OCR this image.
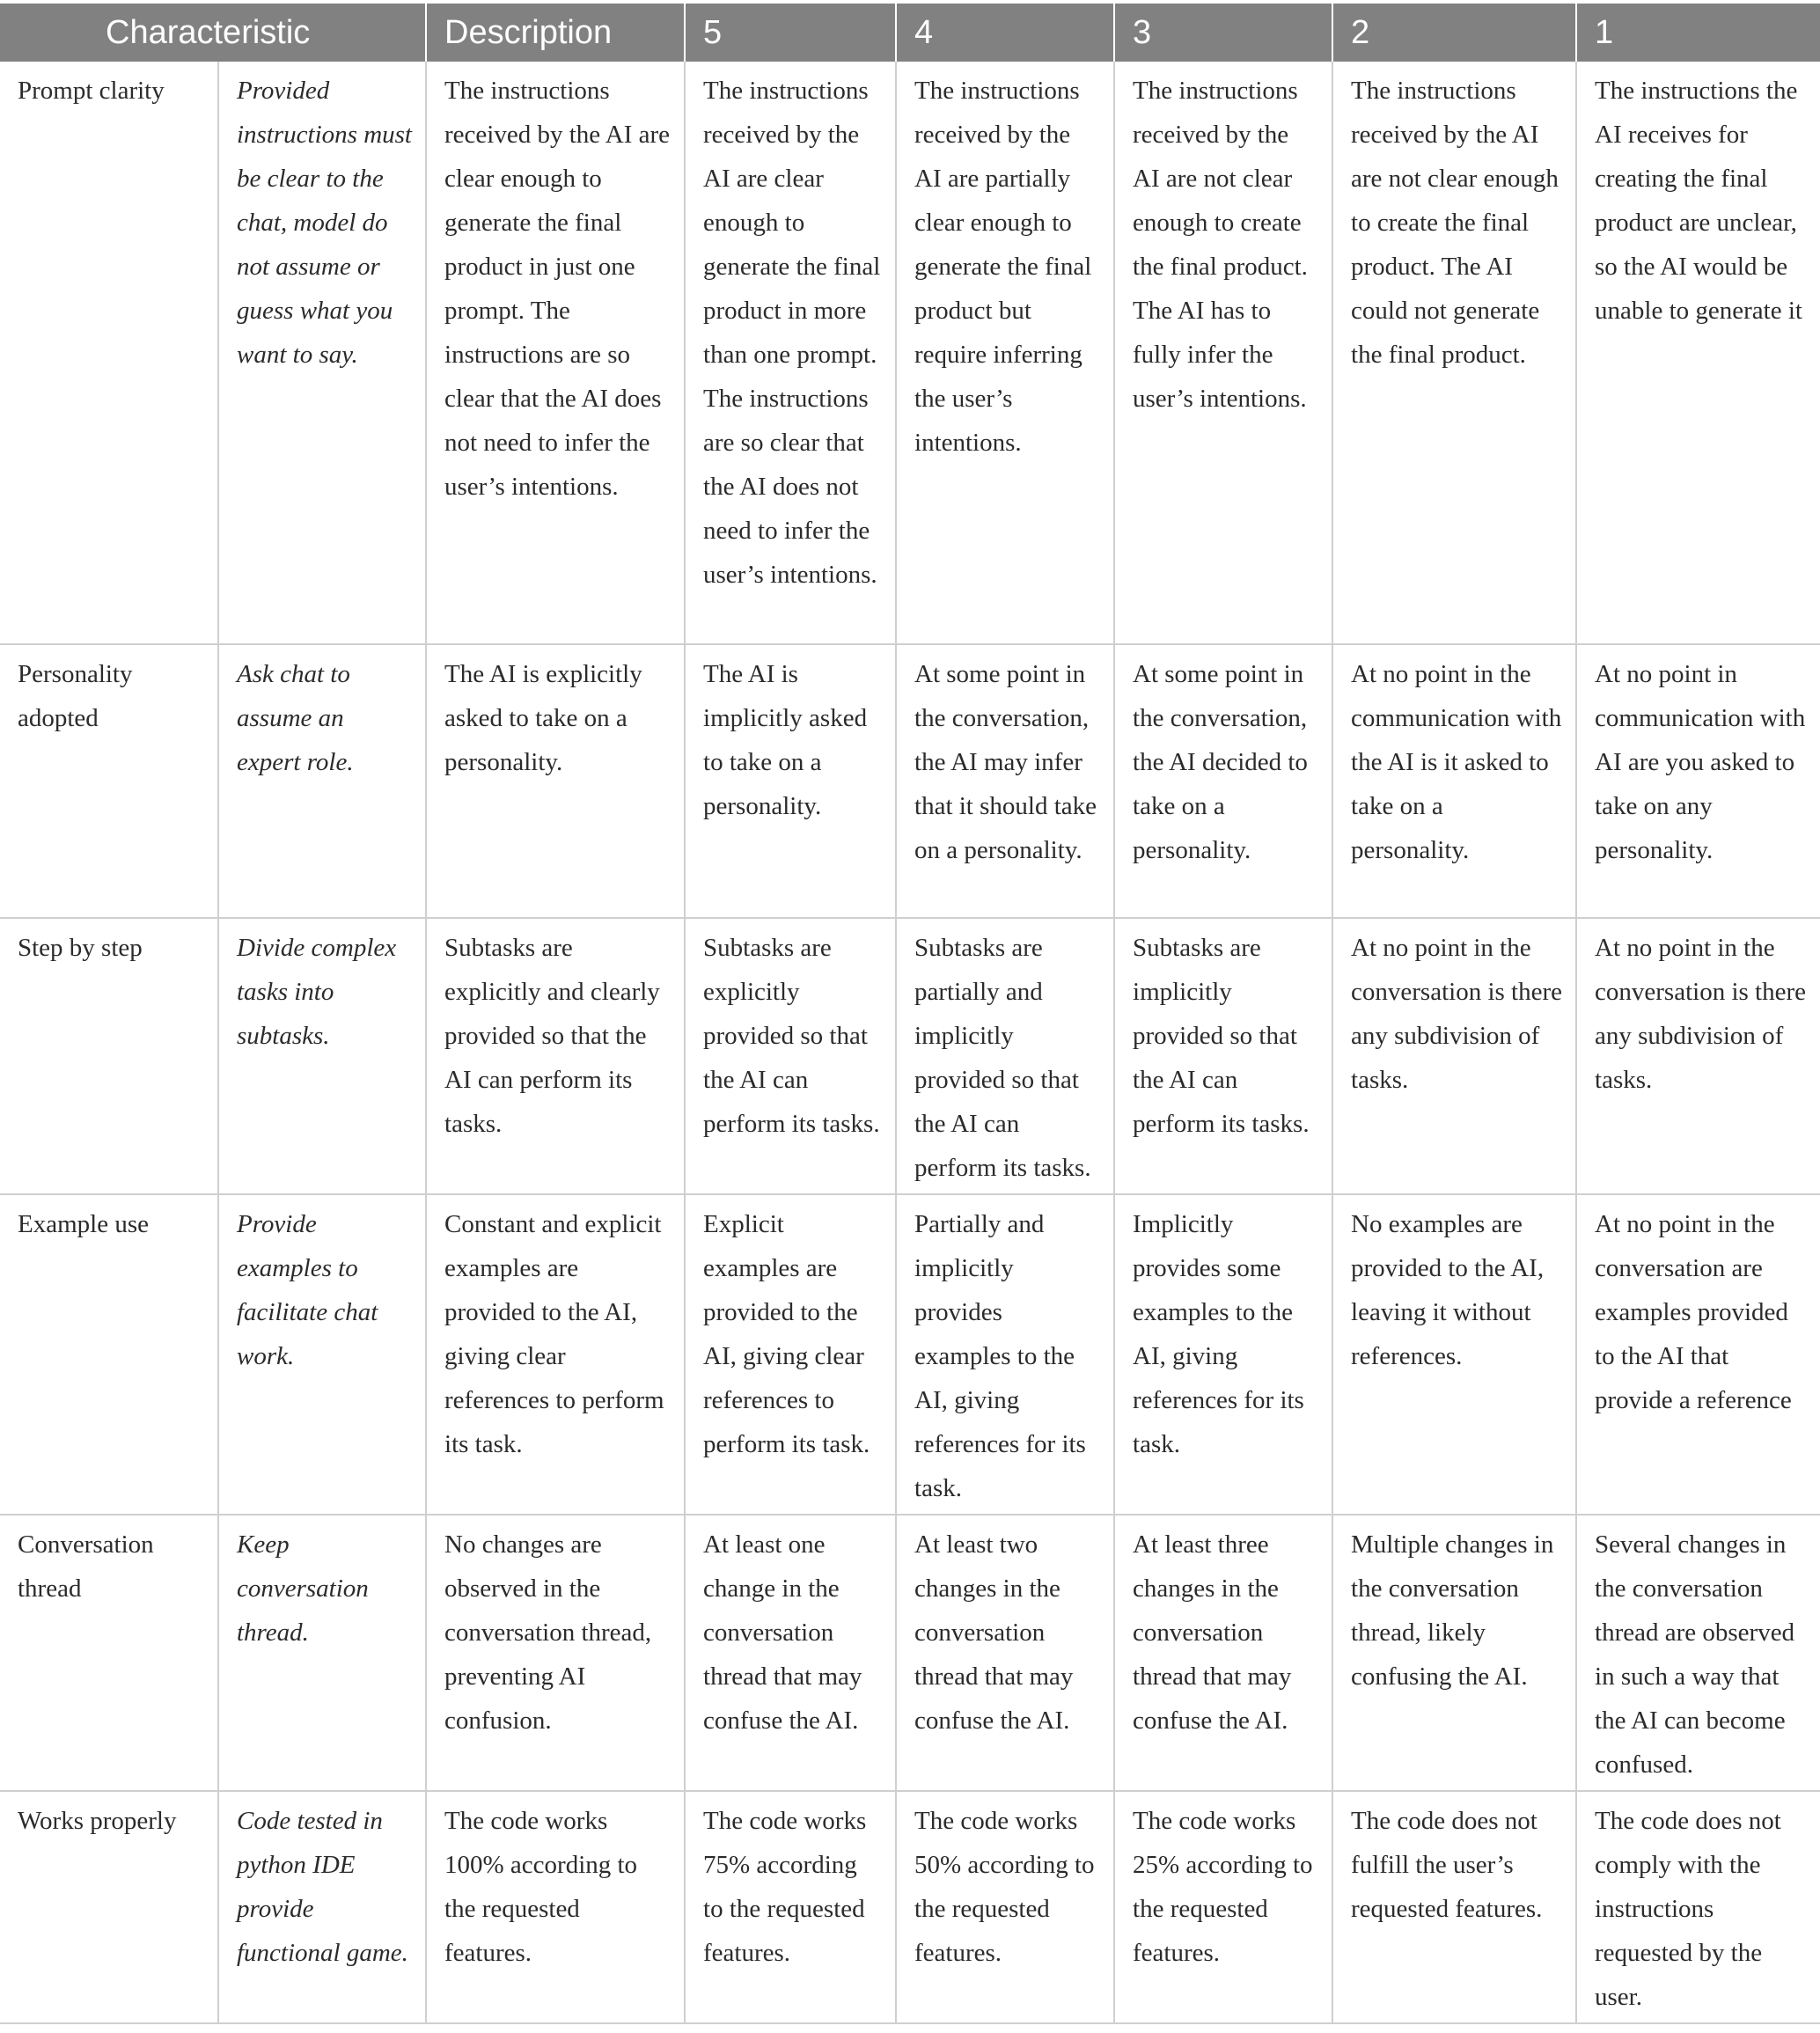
Characteristic		Description	5	4	3	2	1
Prompt clarity	Provided instructions must be clear to the chat, model do not assume or guess what you want to say.	The instructions received by the AI are clear enough to generate the final product in just one prompt. The instructions are so clear that the AI does not need to infer the user’s intentions.	The instructions received by the AI are clear enough to generate the final product in more than one prompt. The instructions are so clear that the AI does not need to infer the user’s intentions.	The instructions received by the AI are partially clear enough to generate the final product but require inferring the user’s intentions.	The instructions received by the AI are not clear enough to create the final product. The AI has to fully infer the user’s intentions.	The instructions received by the AI are not clear enough to create the final product. The AI could not generate the final product.	The instructions the AI receives for creating the final product are unclear, so the AI would be unable to generate it
Personality adopted	Ask chat to assume an expert role.	The AI is explicitly asked to take on a personality.	The AI is implicitly asked to take on a personality.	At some point in the conversation, the AI may infer that it should take on a personality.	At some point in the conversation, the AI decided to take on a personality.	At no point in the communication with the AI is it asked to take on a personality.	At no point in communication with AI are you asked to take on any personality.
Step by step	Divide complex tasks into subtasks.	Subtasks are explicitly and clearly provided so that the AI can perform its tasks.	Subtasks are explicitly provided so that the AI can perform its tasks.	Subtasks are partially and implicitly provided so that the AI can perform its tasks.	Subtasks are implicitly provided so that the AI can perform its tasks.	At no point in the conversation is there any subdivision of tasks.	At no point in the conversation is there any subdivision of tasks.
Example use	Provide examples to facilitate chat work.	Constant and explicit examples are provided to the AI, giving clear references to perform its task.	Explicit examples are provided to the AI, giving clear references to perform its task.	Partially and implicitly provides examples to the AI, giving references for its task.	Implicitly provides some examples to the AI, giving references for its task.	No examples are provided to the AI, leaving it without references.	At no point in the conversation are examples provided to the AI that provide a reference
Conversation thread	Keep conversation thread.	No changes are observed in the conversation thread, preventing AI confusion.	At least one change in the conversation thread that may confuse the AI.	At least two changes in the conversation thread that may confuse the AI.	At least three changes in the conversation thread that may confuse the AI.	Multiple changes in the conversation thread, likely confusing the AI.	Several changes in the conversation thread are observed in such a way that the AI can become confused.
Works properly	Code tested in python IDE provide functional game.	The code works 100% according to the requested features.	The code works 75% according to the requested features.	The code works 50% according to the requested features.	The code works 25% according to the requested features.	The code does not fulfill the user’s requested features.	The code does not comply with the instructions requested by the user.
